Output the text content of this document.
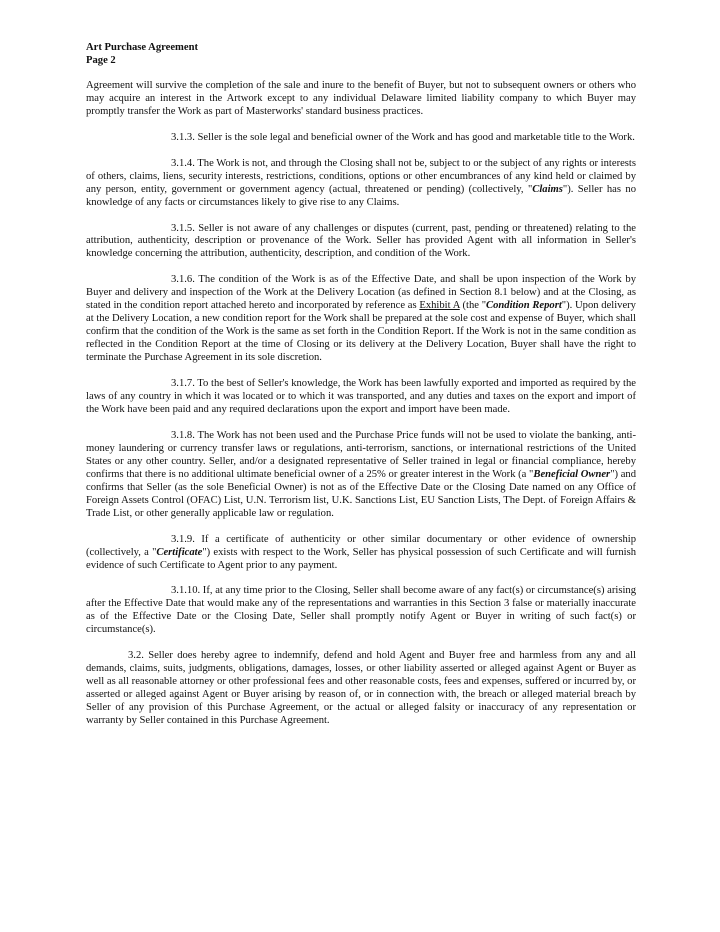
Art Purchase Agreement
Page 2

Agreement will survive the completion of the sale and inure to the benefit of Buyer, but not to subsequent owners or others who may acquire an interest in the Artwork except to any individual Delaware limited liability company to which Buyer may promptly transfer the Work as part of Masterworks' standard business practices.

3.1.3. Seller is the sole legal and beneficial owner of the Work and has good and marketable title to the Work.

3.1.4. The Work is not, and through the Closing shall not be, subject to or the subject of any rights or interests of others, claims, liens, security interests, restrictions, conditions, options or other encumbrances of any kind held or claimed by any person, entity, government or government agency (actual, threatened or pending) (collectively, "Claims"). Seller has no knowledge of any facts or circumstances likely to give rise to any Claims.

3.1.5. Seller is not aware of any challenges or disputes (current, past, pending or threatened) relating to the attribution, authenticity, description or provenance of the Work. Seller has provided Agent with all information in Seller's knowledge concerning the attribution, authenticity, description, and condition of the Work.

3.1.6. The condition of the Work is as of the Effective Date, and shall be upon inspection of the Work by Buyer and delivery and inspection of the Work at the Delivery Location (as defined in Section 8.1 below) and at the Closing, as stated in the condition report attached hereto and incorporated by reference as Exhibit A (the "Condition Report"). Upon delivery at the Delivery Location, a new condition report for the Work shall be prepared at the sole cost and expense of Buyer, which shall confirm that the condition of the Work is the same as set forth in the Condition Report. If the Work is not in the same condition as reflected in the Condition Report at the time of Closing or its delivery at the Delivery Location, Buyer shall have the right to terminate the Purchase Agreement in its sole discretion.

3.1.7. To the best of Seller's knowledge, the Work has been lawfully exported and imported as required by the laws of any country in which it was located or to which it was transported, and any duties and taxes on the export and import of the Work have been paid and any required declarations upon the export and import have been made.

3.1.8. The Work has not been used and the Purchase Price funds will not be used to violate the banking, anti-money laundering or currency transfer laws or regulations, anti-terrorism, sanctions, or international restrictions of the United States or any other country. Seller, and/or a designated representative of Seller trained in legal or financial compliance, hereby confirms that there is no additional ultimate beneficial owner of a 25% or greater interest in the Work (a "Beneficial Owner") and confirms that Seller (as the sole Beneficial Owner) is not as of the Effective Date or the Closing Date named on any Office of Foreign Assets Control (OFAC) List, U.N. Terrorism list, U.K. Sanctions List, EU Sanction Lists, The Dept. of Foreign Affairs & Trade List, or other generally applicable law or regulation.

3.1.9. If a certificate of authenticity or other similar documentary or other evidence of ownership (collectively, a "Certificate") exists with respect to the Work, Seller has physical possession of such Certificate and will furnish evidence of such Certificate to Agent prior to any payment.

3.1.10. If, at any time prior to the Closing, Seller shall become aware of any fact(s) or circumstance(s) arising after the Effective Date that would make any of the representations and warranties in this Section 3 false or materially inaccurate as of the Effective Date or the Closing Date, Seller shall promptly notify Agent or Buyer in writing of such fact(s) or circumstance(s).

3.2. Seller does hereby agree to indemnify, defend and hold Agent and Buyer free and harmless from any and all demands, claims, suits, judgments, obligations, damages, losses, or other liability asserted or alleged against Agent or Buyer as well as all reasonable attorney or other professional fees and other reasonable costs, fees and expenses, suffered or incurred by, or asserted or alleged against Agent or Buyer arising by reason of, or in connection with, the breach or alleged material breach by Seller of any provision of this Purchase Agreement, or the actual or alleged falsity or inaccuracy of any representation or warranty by Seller contained in this Purchase Agreement.
